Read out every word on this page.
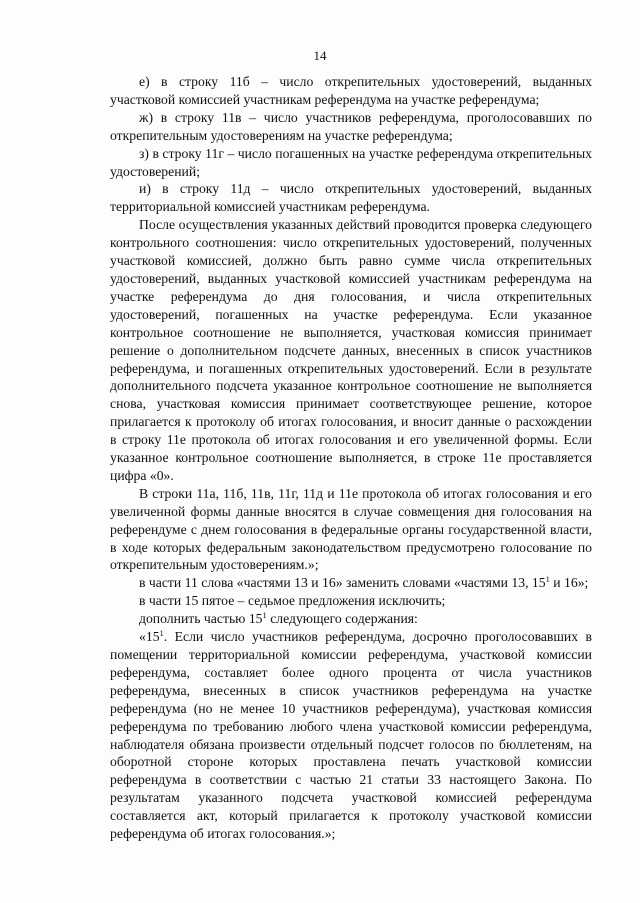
14

е) в строку 11б – число открепительных удостоверений, выданных участковой комиссией участникам референдума на участке референдума;

ж) в строку 11в – число участников референдума, проголосовавших по открепительным удостоверениям на участке референдума;

з) в строку 11г – число погашенных на участке референдума открепительных удостоверений;

и) в строку 11д – число открепительных удостоверений, выданных территориальной комиссией участникам референдума.

После осуществления указанных действий проводится проверка следующего контрольного соотношения: число открепительных удостоверений, полученных участковой комиссией, должно быть равно сумме числа открепительных удостоверений, выданных участковой комиссией участникам референдума на участке референдума до дня голосования, и числа открепительных удостоверений, погашенных на участке референдума. Если указанное контрольное соотношение не выполняется, участковая комиссия принимает решение о дополнительном подсчете данных, внесенных в список участников референдума, и погашенных открепительных удостоверений. Если в результате дополнительного подсчета указанное контрольное соотношение не выполняется снова, участковая комиссия принимает соответствующее решение, которое прилагается к протоколу об итогах голосования, и вносит данные о расхождении в строку 11е протокола об итогах голосования и его увеличенной формы. Если указанное контрольное соотношение выполняется, в строке 11е проставляется цифра «0».

В строки 11а, 11б, 11в, 11г, 11д и 11е протокола об итогах голосования и его увеличенной формы данные вносятся в случае совмещения дня голосования на референдуме с днем голосования в федеральные органы государственной власти, в ходе которых федеральным законодательством предусмотрено голосование по открепительным удостоверениям.»;

в части 11 слова «частями 13 и 16» заменить словами «частями 13, $15^1$ и 16»;

в части 15 пятое – седьмое предложения исключить;

дополнить частью $15^1$ следующего содержания:

«$15^1$. Если число участников референдума, досрочно проголосовавших в помещении территориальной комиссии референдума, участковой комиссии референдума, составляет более одного процента от числа участников референдума, внесенных в список участников референдума на участке референдума (но не менее 10 участников референдума), участковая комиссия референдума по требованию любого члена участковой комиссии референдума, наблюдателя обязана произвести отдельный подсчет голосов по бюллетеням, на оборотной стороне которых проставлена печать участковой комиссии референдума в соответствии с частью 21 статьи 33 настоящего Закона. По результатам указанного подсчета участковой комиссией референдума составляется акт, который прилагается к протоколу участковой комиссии референдума об итогах голосования.»;
